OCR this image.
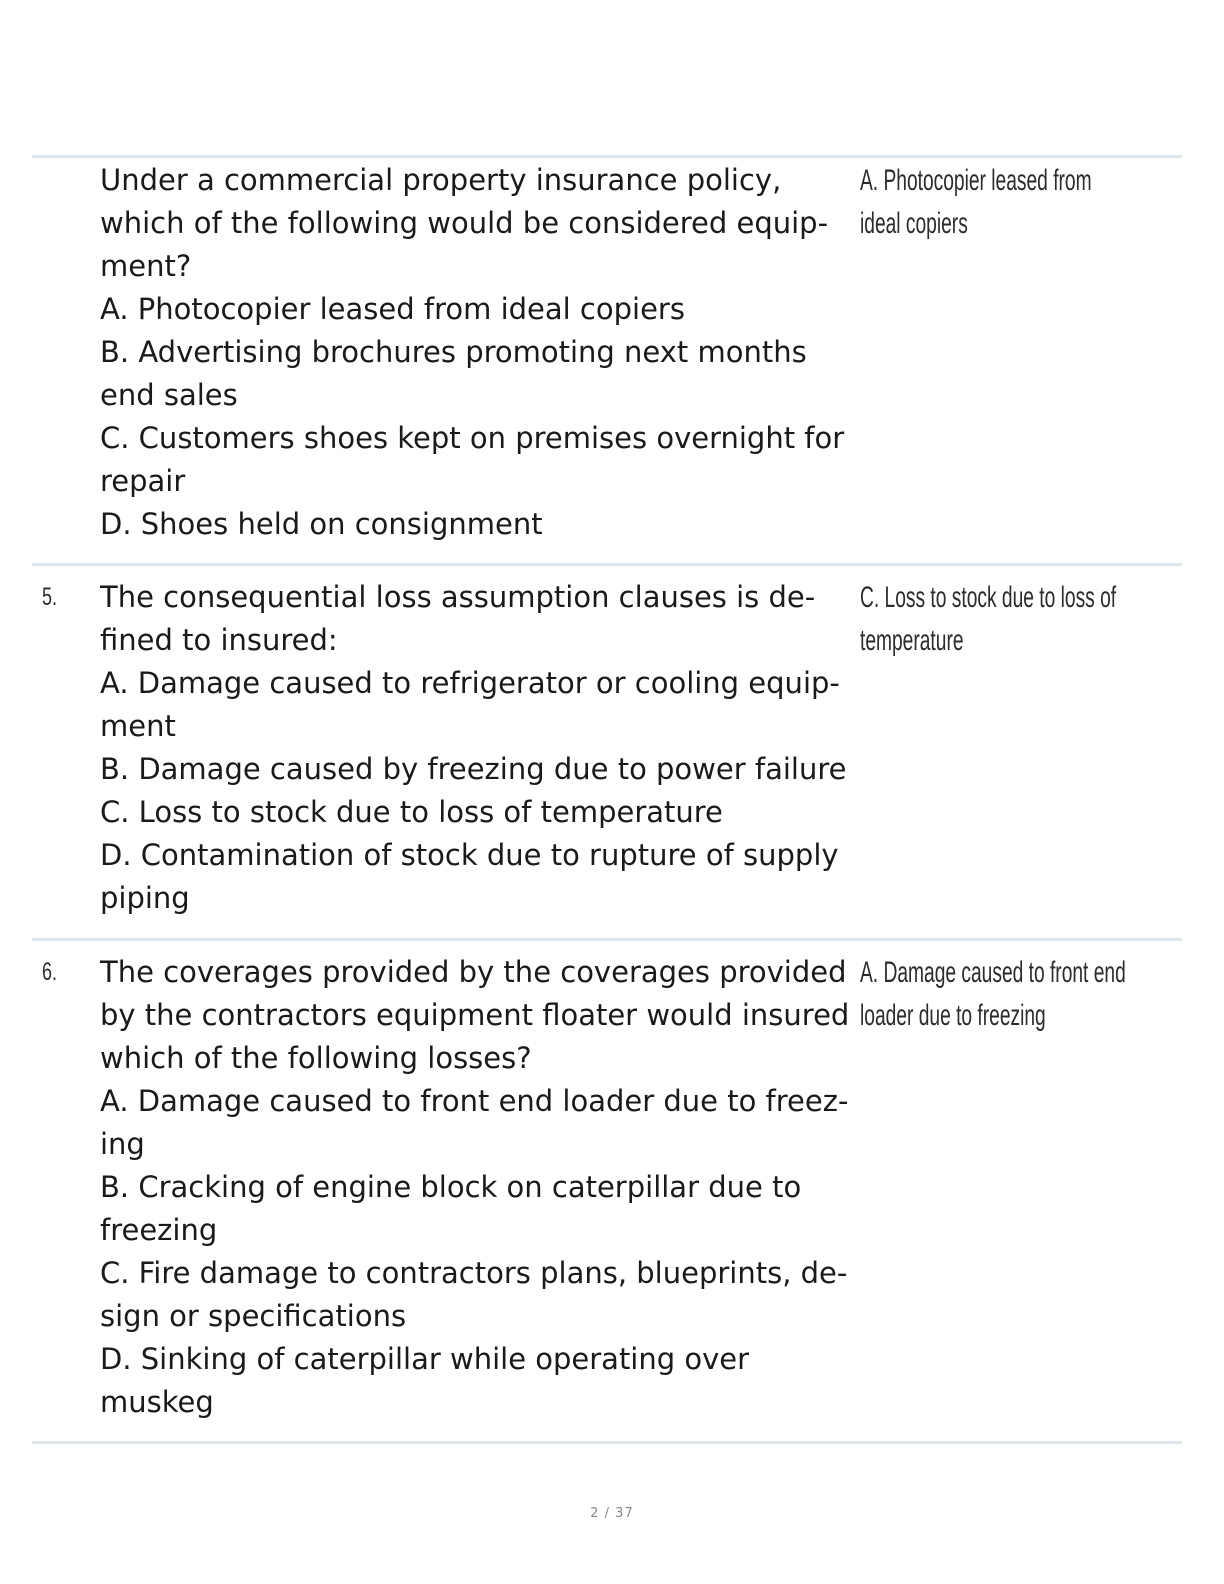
Under a commercial property insurance policy,
which of the following would be considered equip-
ment?
A. Photocopier leased from ideal copiers
B. Advertising brochures promoting next months
end sales
C. Customers shoes kept on premises overnight for
repair
D. Shoes held on consignment
A. Photocopier leased from
ideal copiers
5. The consequential loss assumption clauses is de-
fined to insured:
A. Damage caused to refrigerator or cooling equip-
ment
B. Damage caused by freezing due to power failure
C. Loss to stock due to loss of temperature
D. Contamination of stock due to rupture of supply
piping
C. Loss to stock due to loss of
temperature
6. The coverages provided by the coverages provided
by the contractors equipment floater would insured
which of the following losses?
A. Damage caused to front end loader due to freez-
ing
B. Cracking of engine block on caterpillar due to
freezing
C. Fire damage to contractors plans, blueprints, de-
sign or specifications
D. Sinking of caterpillar while operating over
muskeg
A. Damage caused to front end
loader due to freezing
2 / 37
